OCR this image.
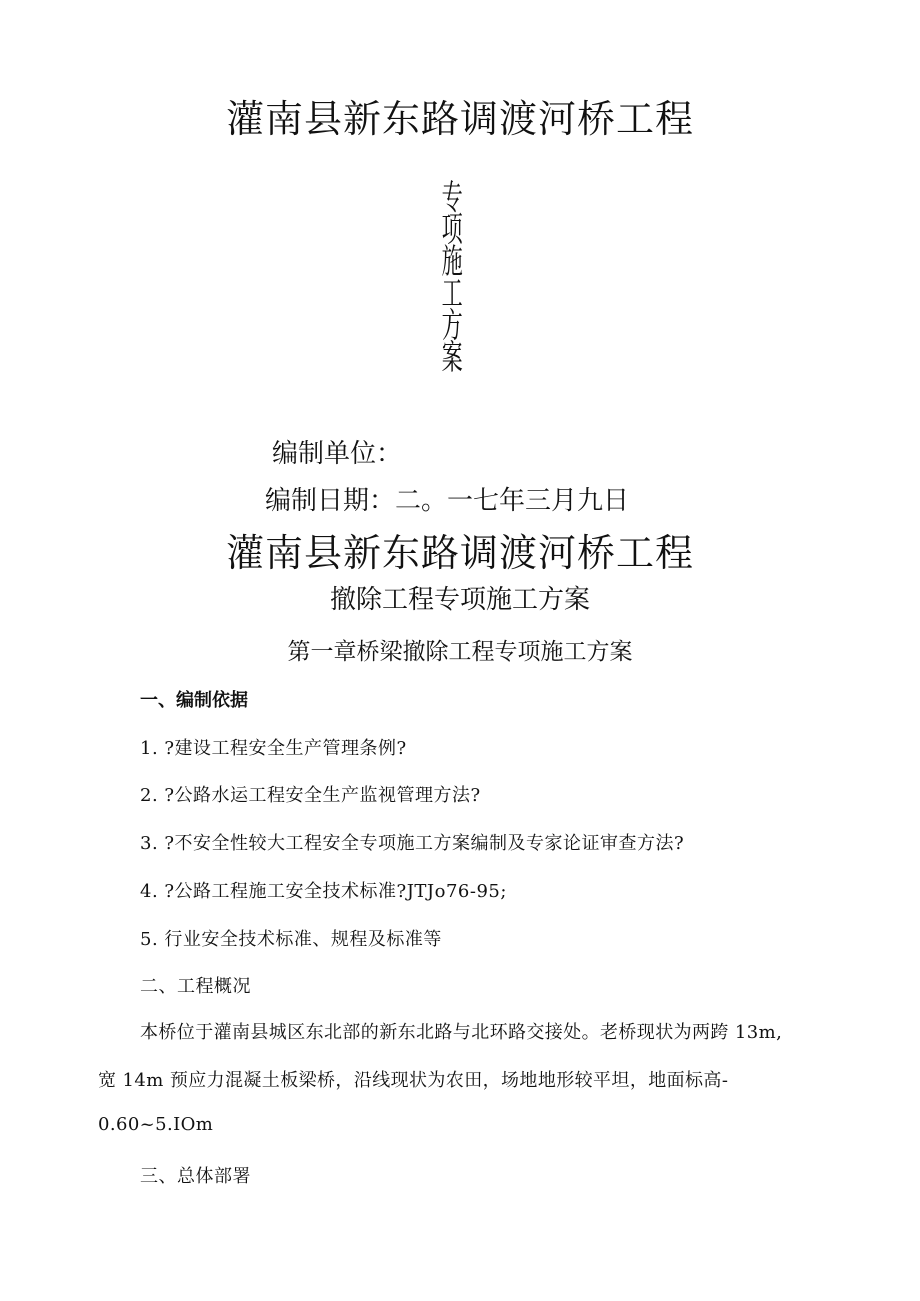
灌南县新东路调渡河桥工程
专项施工方案
编制单位：
编制日期：二。一七年三月九日
灌南县新东路调渡河桥工程
撤除工程专项施工方案
第一章桥梁撤除工程专项施工方案
一、编制依据
1. ?建设工程安全生产管理条例?
2. ?公路水运工程安全生产监视管理方法?
3. ?不安全性较大工程安全专项施工方案编制及专家论证审查方法?
4. ?公路工程施工安全技术标准?JTJo76-95;
5. 行业安全技术标准、规程及标准等
二、工程概况
本桥位于灌南县城区东北部的新东北路与北环路交接处。老桥现状为两跨 13m,
宽 14m 预应力混凝土板梁桥，沿线现状为农田，场地地形较平坦，地面标高-
0.60~5.IOm
三、总体部署
